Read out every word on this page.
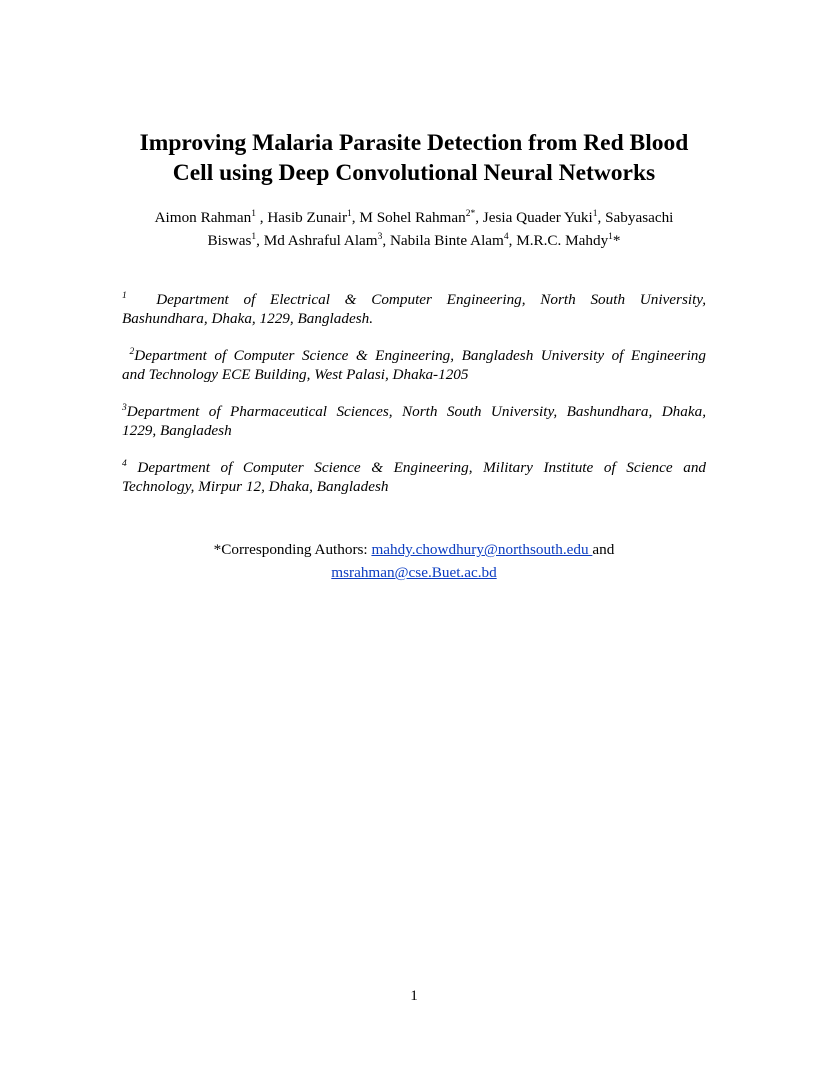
Improving Malaria Parasite Detection from Red Blood
Cell using Deep Convolutional Neural Networks
Aimon Rahman$^1$ , Hasib Zunair$^1$, M Sohel Rahman$^{2*}$, Jesia Quader Yuki$^1$, Sabyasachi
Biswas$^1$, Md Ashraful Alam$^3$, Nabila Binte Alam$^4$, M.R.C. Mahdy$^1$*
$^1$ Department of Electrical & Computer Engineering, North South University,
Bashundhara, Dhaka, 1229, Bangladesh.
$^2$Department of Computer Science & Engineering, Bangladesh University of Engineering
and Technology ECE Building, West Palasi, Dhaka-1205
$^3$Department of Pharmaceutical Sciences, North South University, Bashundhara, Dhaka,
1229, Bangladesh
$^4$ Department of Computer Science & Engineering, Military Institute of Science and
Technology, Mirpur 12, Dhaka, Bangladesh
*Corresponding Authors: mahdy.chowdhury@northsouth.edu and
msrahman@cse.Buet.ac.bd
1
